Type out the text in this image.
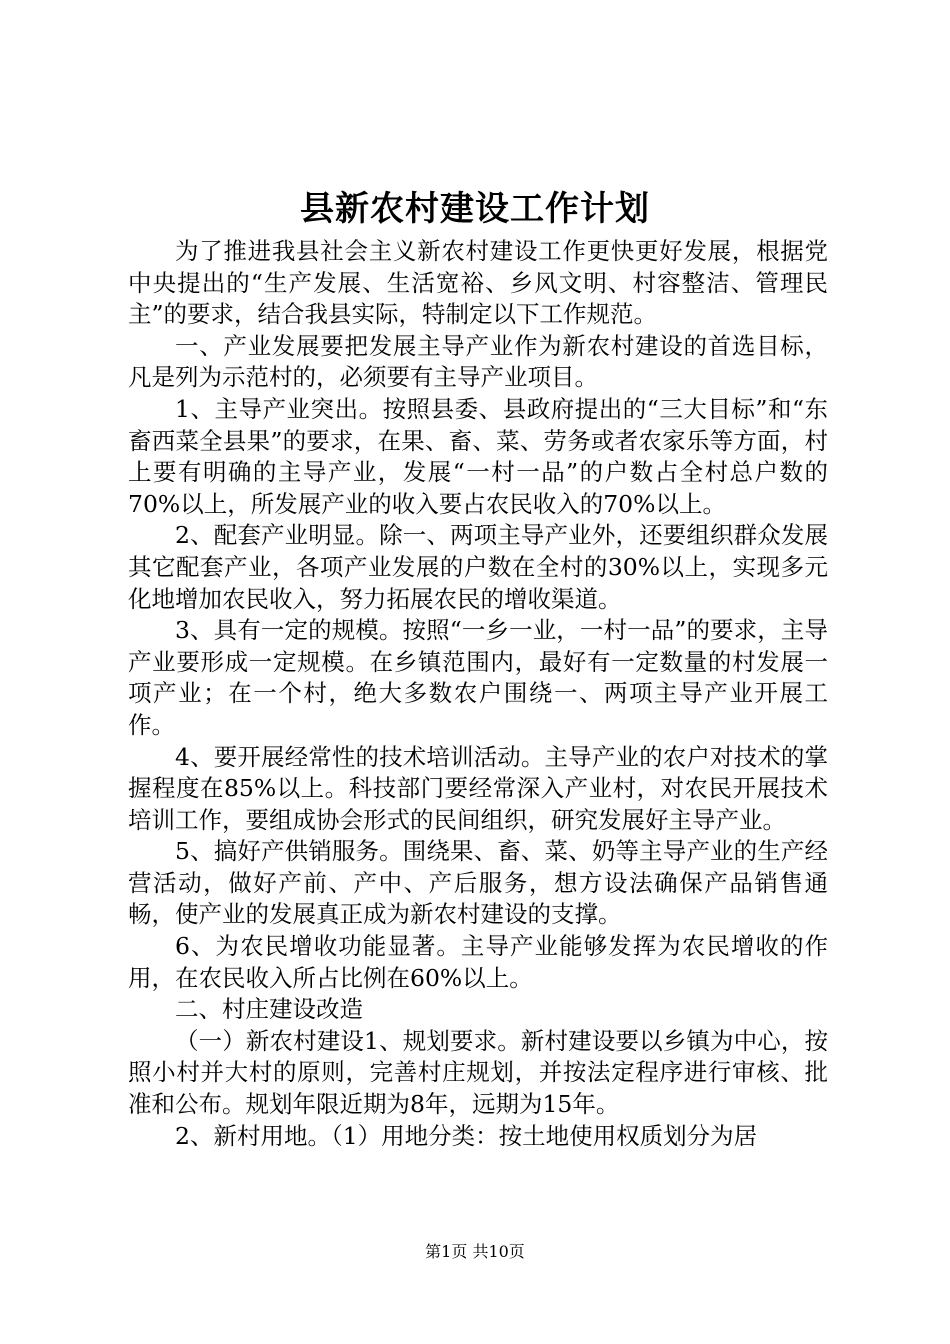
县新农村建设工作计划

为了推进我县社会主义新农村建设工作更快更好发展，根据党中央提出的“生产发展、生活宽裕、乡风文明、村容整洁、管理民主”的要求，结合我县实际，特制定以下工作规范。

一、产业发展要把发展主导产业作为新农村建设的首选目标，凡是列为示范村的，必须要有主导产业项目。

1、主导产业突出。按照县委、县政府提出的“三大目标”和“东畜西菜全县果”的要求，在果、畜、菜、劳务或者农家乐等方面，村上要有明确的主导产业，发展“一村一品”的户数占全村总户数的70%以上，所发展产业的收入要占农民收入的70%以上。

2、配套产业明显。除一、两项主导产业外，还要组织群众发展其它配套产业，各项产业发展的户数在全村的30%以上，实现多元化地增加农民收入，努力拓展农民的增收渠道。

3、具有一定的规模。按照“一乡一业，一村一品”的要求，主导产业要形成一定规模。在乡镇范围内，最好有一定数量的村发展一项产业；在一个村，绝大多数农户围绕一、两项主导产业开展工作。

4、要开展经常性的技术培训活动。主导产业的农户对技术的掌握程度在85%以上。科技部门要经常深入产业村，对农民开展技术培训工作，要组成协会形式的民间组织，研究发展好主导产业。

5、搞好产供销服务。围绕果、畜、菜、奶等主导产业的生产经营活动，做好产前、产中、产后服务，想方设法确保产品销售通畅，使产业的发展真正成为新农村建设的支撑。

6、为农民增收功能显著。主导产业能够发挥为农民增收的作用，在农民收入所占比例在60%以上。

二、村庄建设改造

（一）新农村建设1、规划要求。新村建设要以乡镇为中心，按照小村并大村的原则，完善村庄规划，并按法定程序进行审核、批准和公布。规划年限近期为8年，远期为15年。

2、新村用地。（1）用地分类：按土地使用权质划分为居

第1页 共10页
